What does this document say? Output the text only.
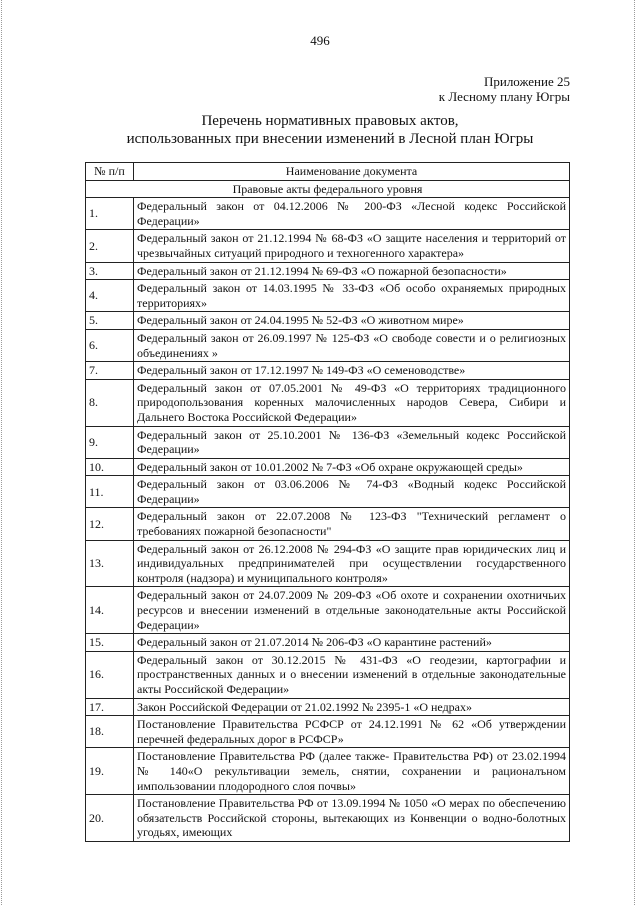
496
Приложение 25
к Лесному плану Югры
Перечень нормативных правовых актов,
использованных при внесении изменений в Лесной план Югры
№ п/п	Наименование документа
Правовые акты федерального уровня	
1.	Федеральный закон от 04.12.2006 № 200-ФЗ «Лесной кодекс Российской Федерации»
2.	Федеральный закон от 21.12.1994 № 68-ФЗ «О защите населения и территорий от чрезвычайных ситуаций природного и техногенного характера»
3.	Федеральный закон от 21.12.1994 № 69-ФЗ «О пожарной безопасности»
4.	Федеральный закон от 14.03.1995 № 33-ФЗ «Об особо охраняемых природных территориях»
5.	Федеральный закон от 24.04.1995 № 52-ФЗ «О животном мире»
6.	Федеральный закон от 26.09.1997 № 125-ФЗ «О свободе совести и о религиозных объединениях »
7.	Федеральный закон от 17.12.1997 № 149-ФЗ «О семеноводстве»
8.	Федеральный закон от 07.05.2001 № 49-ФЗ «О территориях традиционного природопользования коренных малочисленных народов Севера, Сибири и Дальнего Востока Российской Федерации»
9.	Федеральный закон от 25.10.2001 № 136-ФЗ «Земельный кодекс Российской Федерации»
10.	Федеральный закон от 10.01.2002 № 7-ФЗ «Об охране окружающей среды»
11.	Федеральный закон от 03.06.2006 № 74-ФЗ «Водный кодекс Российской Федерации»
12.	Федеральный закон от 22.07.2008 № 123-ФЗ "Технический регламент о требованиях пожарной безопасности"
13.	Федеральный закон от 26.12.2008 № 294-ФЗ «О защите прав юридических лиц и индивидуальных предпринимателей при осуществлении государственного контроля (надзора) и муниципального контроля»
14.	Федеральный закон от 24.07.2009 № 209-ФЗ «Об охоте и сохранении охотничьих ресурсов и внесении изменений в отдельные законодательные акты Российской Федерации»
15.	Федеральный закон от 21.07.2014 № 206-ФЗ «О карантине растений»
16.	Федеральный закон от 30.12.2015 № 431-ФЗ «О геодезии, картографии и пространственных данных и о внесении изменений в отдельные законодательные акты Российской Федерации»
17.	Закон Российской Федерации от 21.02.1992 № 2395-1 «О недрах»
18.	Постановление Правительства РСФСР от 24.12.1991 № 62 «Об утверждении перечней федеральных дорог в РСФСР»
19.	Постановление Правительства РФ (далее также- Правительства РФ) от 23.02.1994 № 140«О рекультивации земель, снятии, сохранении и рационалъном импользовании плодородного слоя почвы»
20.	Постановление Правительства РФ от 13.09.1994 № 1050 «О мерах по обеспечению обязательств Российской стороны, вытекающих из Конвенции о водно-болотных угодьях, имеющих
